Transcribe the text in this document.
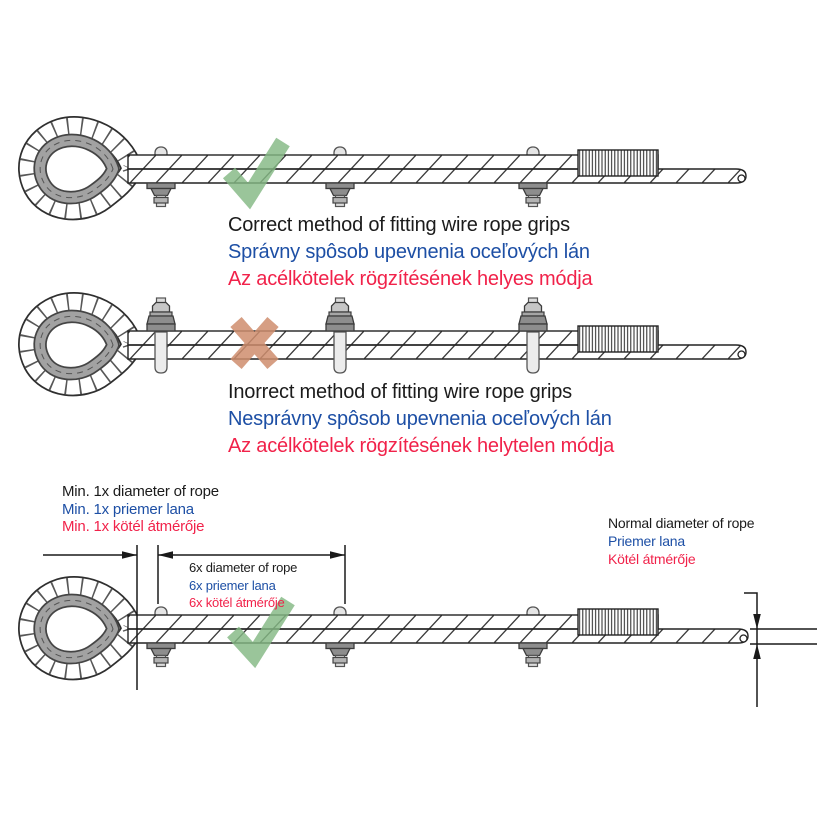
Correct method of fitting wire rope grips
Správny spôsob upevnenia oceľových lán
Az acélkötelek rögzítésének helyes módja
Inorrect method of fitting wire rope grips
Nesprávny spôsob upevnenia oceľových lán
Az acélkötelek rögzítésének helytelen módja
Min. 1x diameter of rope
Min. 1x priemer lana
Min. 1x kötél átmérője
6x diameter of rope
6x priemer lana
6x kötél átmérője
Normal diameter of rope
Priemer lana
Kötél átmérője
